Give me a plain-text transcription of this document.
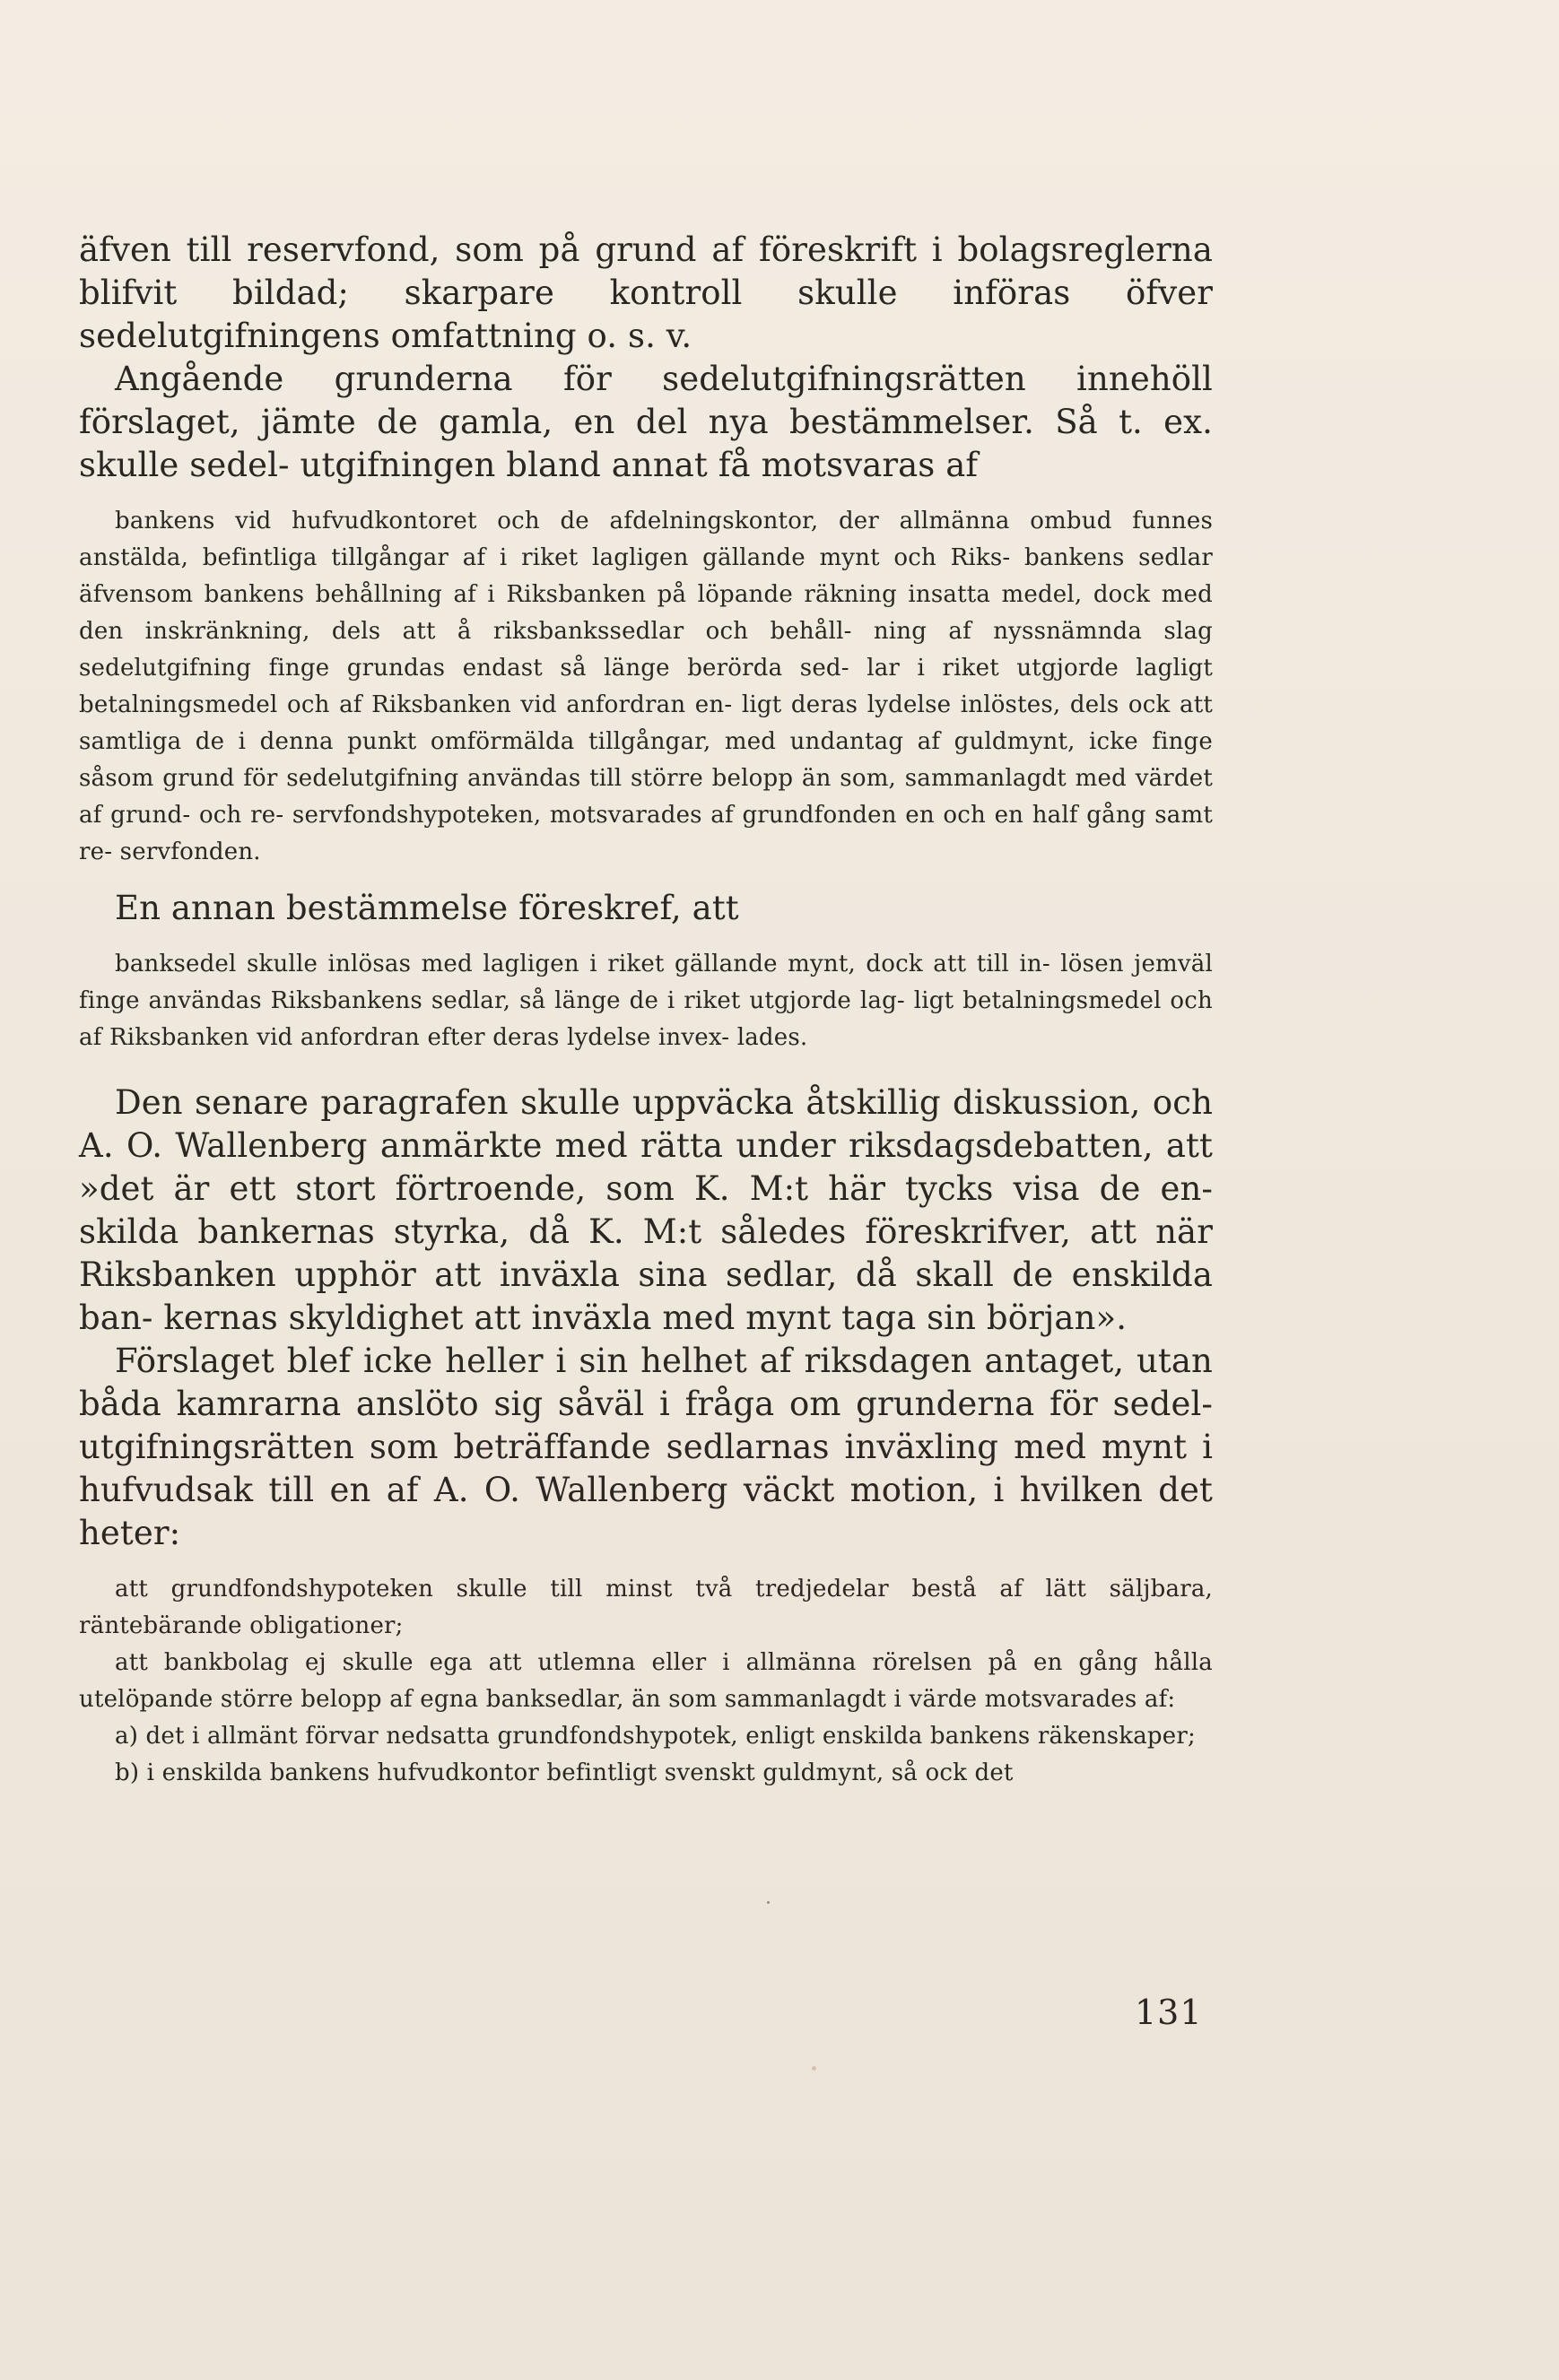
äfven till reservfond, som på grund af föreskrift i bolagsreglerna blifvit bildad; skarpare kontroll skulle införas öfver sedelutgifningens omfattning o. s. v.

Angående grunderna för sedelutgifningsrätten innehöll förslaget, jämte de gamla, en del nya bestämmelser. Så t. ex. skulle sedel- utgifningen bland annat få motsvaras af

bankens vid hufvudkontoret och de afdelningskontor, der allmänna ombud funnes anstälda, befintliga tillgångar af i riket lagligen gällande mynt och Riks- bankens sedlar äfvensom bankens behållning af i Riksbanken på löpande räkning insatta medel, dock med den inskränkning, dels att å riksbankssedlar och behåll- ning af nyssnämnda slag sedelutgifning finge grundas endast så länge berörda sed- lar i riket utgjorde lagligt betalningsmedel och af Riksbanken vid anfordran en- ligt deras lydelse inlöstes, dels ock att samtliga de i denna punkt omförmälda tillgångar, med undantag af guldmynt, icke finge såsom grund för sedelutgifning användas till större belopp än som, sammanlagdt med värdet af grund- och re- servfondshypoteken, motsvarades af grundfonden en och en half gång samt re- servfonden.

En annan bestämmelse föreskref, att

banksedel skulle inlösas med lagligen i riket gällande mynt, dock att till in- lösen jemväl finge användas Riksbankens sedlar, så länge de i riket utgjorde lag- ligt betalningsmedel och af Riksbanken vid anfordran efter deras lydelse invex- lades.

Den senare paragrafen skulle uppväcka åtskillig diskussion, och A. O. Wallenberg anmärkte med rätta under riksdagsdebatten, att »det är ett stort förtroende, som K. M:t här tycks visa de en- skilda bankernas styrka, då K. M:t således föreskrifver, att när Riksbanken upphör att inväxla sina sedlar, då skall de enskilda ban- kernas skyldighet att inväxla med mynt taga sin början».

Förslaget blef icke heller i sin helhet af riksdagen antaget, utan båda kamrarna anslöto sig såväl i fråga om grunderna för sedel- utgifningsrätten som beträffande sedlarnas inväxling med mynt i hufvudsak till en af A. O. Wallenberg väckt motion, i hvilken det heter:

att grundfondshypoteken skulle till minst två tredjedelar bestå af lätt säljbara, räntebärande obligationer;

att bankbolag ej skulle ega att utlemna eller i allmänna rörelsen på en gång hålla utelöpande större belopp af egna banksedlar, än som sammanlagdt i värde motsvarades af:

a) det i allmänt förvar nedsatta grundfondshypotek, enligt enskilda bankens räkenskaper;

b) i enskilda bankens hufvudkontor befintligt svenskt guldmynt, så ock det

131
